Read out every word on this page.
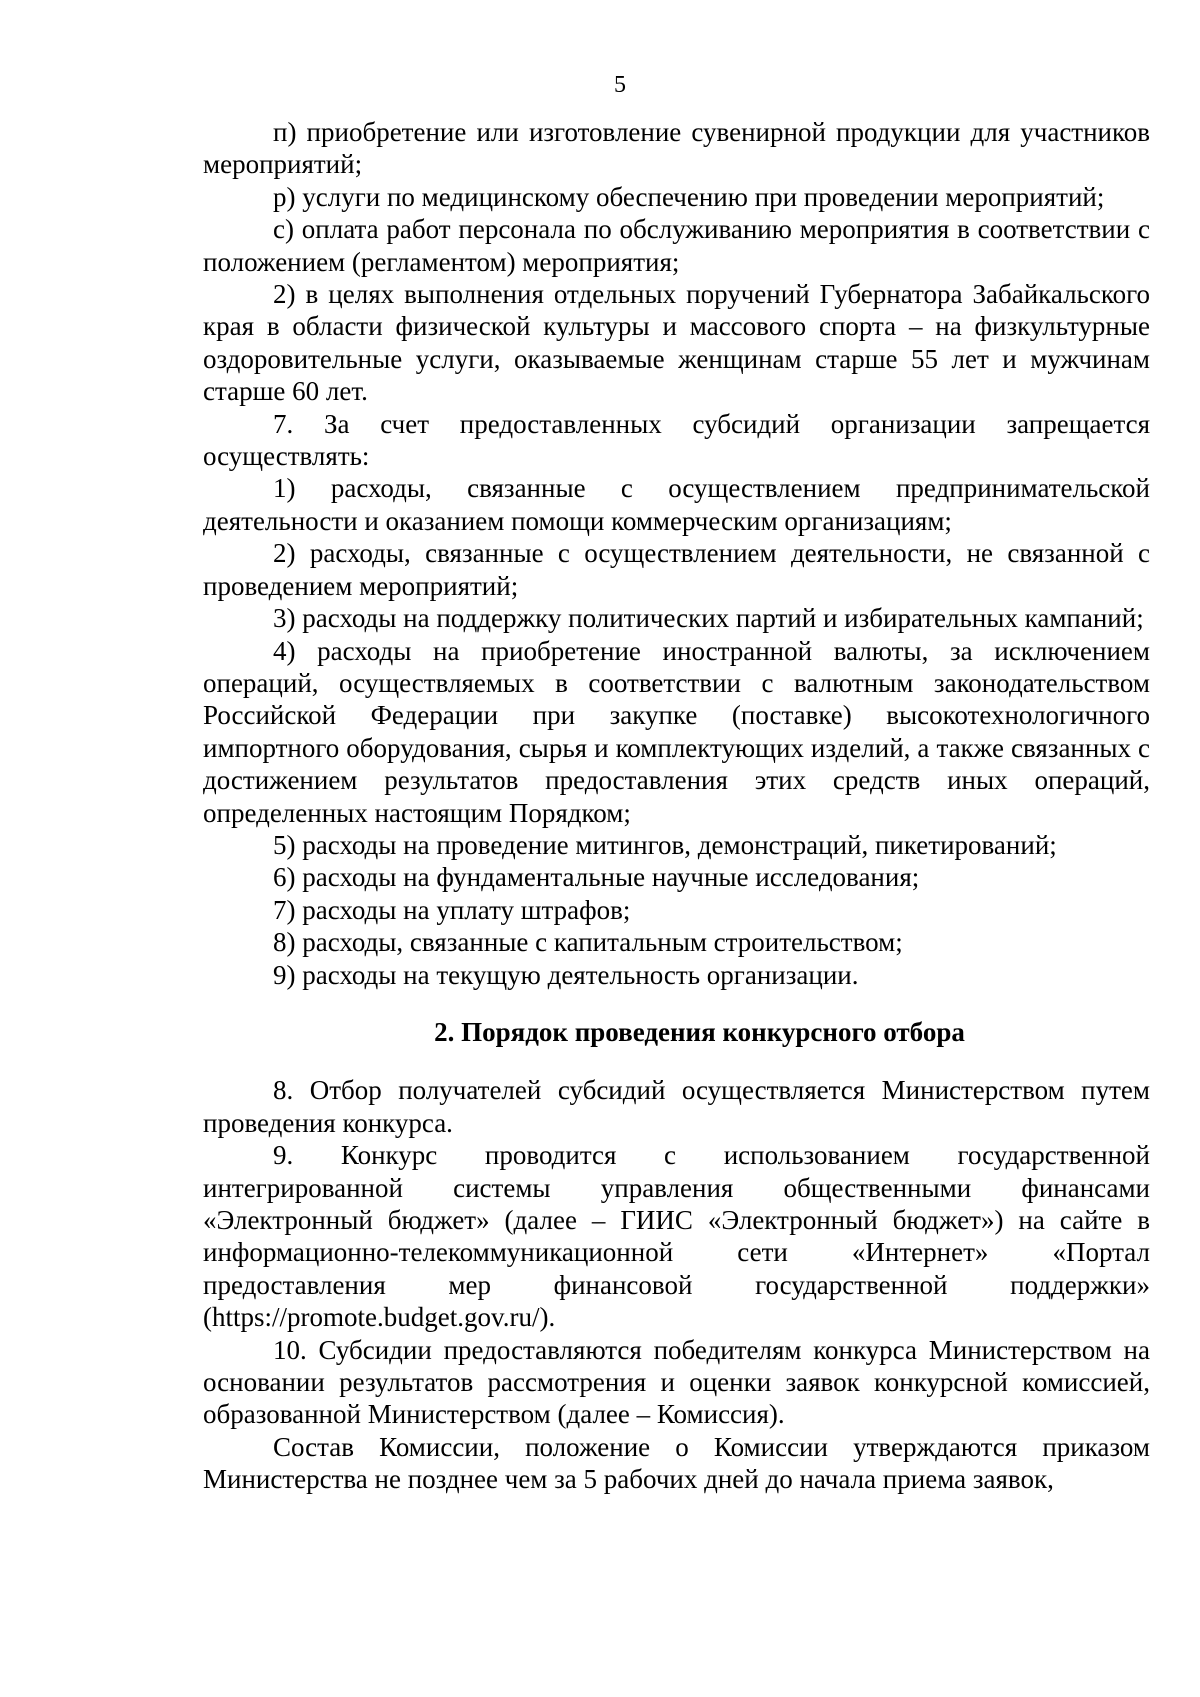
5

п) приобретение или изготовление сувенирной продукции для участников мероприятий;

р) услуги по медицинскому обеспечению при проведении мероприятий;

с) оплата работ персонала по обслуживанию мероприятия в соответствии с положением (регламентом) мероприятия;

2) в целях выполнения отдельных поручений Губернатора Забайкальского края в области физической культуры и массового спорта – на физкультурные оздоровительные услуги, оказываемые женщинам старше 55 лет и мужчинам старше 60 лет.

7. За счет предоставленных субсидий организации запрещается осуществлять:

1) расходы, связанные с осуществлением предпринимательской деятельности и оказанием помощи коммерческим организациям;

2) расходы, связанные с осуществлением деятельности, не связанной с проведением мероприятий;

3) расходы на поддержку политических партий и избирательных кампаний;

4) расходы на приобретение иностранной валюты, за исключением операций, осуществляемых в соответствии с валютным законодательством Российской Федерации при закупке (поставке) высокотехнологичного импортного оборудования, сырья и комплектующих изделий, а также связанных с достижением результатов предоставления этих средств иных операций, определенных настоящим Порядком;

5) расходы на проведение митингов, демонстраций, пикетирований;

6) расходы на фундаментальные научные исследования;

7) расходы на уплату штрафов;

8) расходы, связанные с капитальным строительством;

9) расходы на текущую деятельность организации.

2. Порядок проведения конкурсного отбора

8. Отбор получателей субсидий осуществляется Министерством путем проведения конкурса.

9. Конкурс проводится с использованием государственной интегрированной системы управления общественными финансами «Электронный бюджет» (далее – ГИИС «Электронный бюджет») на сайте в информационно-телекоммуникационной сети «Интернет» «Портал предоставления мер финансовой государственной поддержки» (https://promote.budget.gov.ru/).

10. Субсидии предоставляются победителям конкурса Министерством на основании результатов рассмотрения и оценки заявок конкурсной комиссией, образованной Министерством (далее – Комиссия).

Состав Комиссии, положение о Комиссии утверждаются приказом Министерства не позднее чем за 5 рабочих дней до начала приема заявок,
